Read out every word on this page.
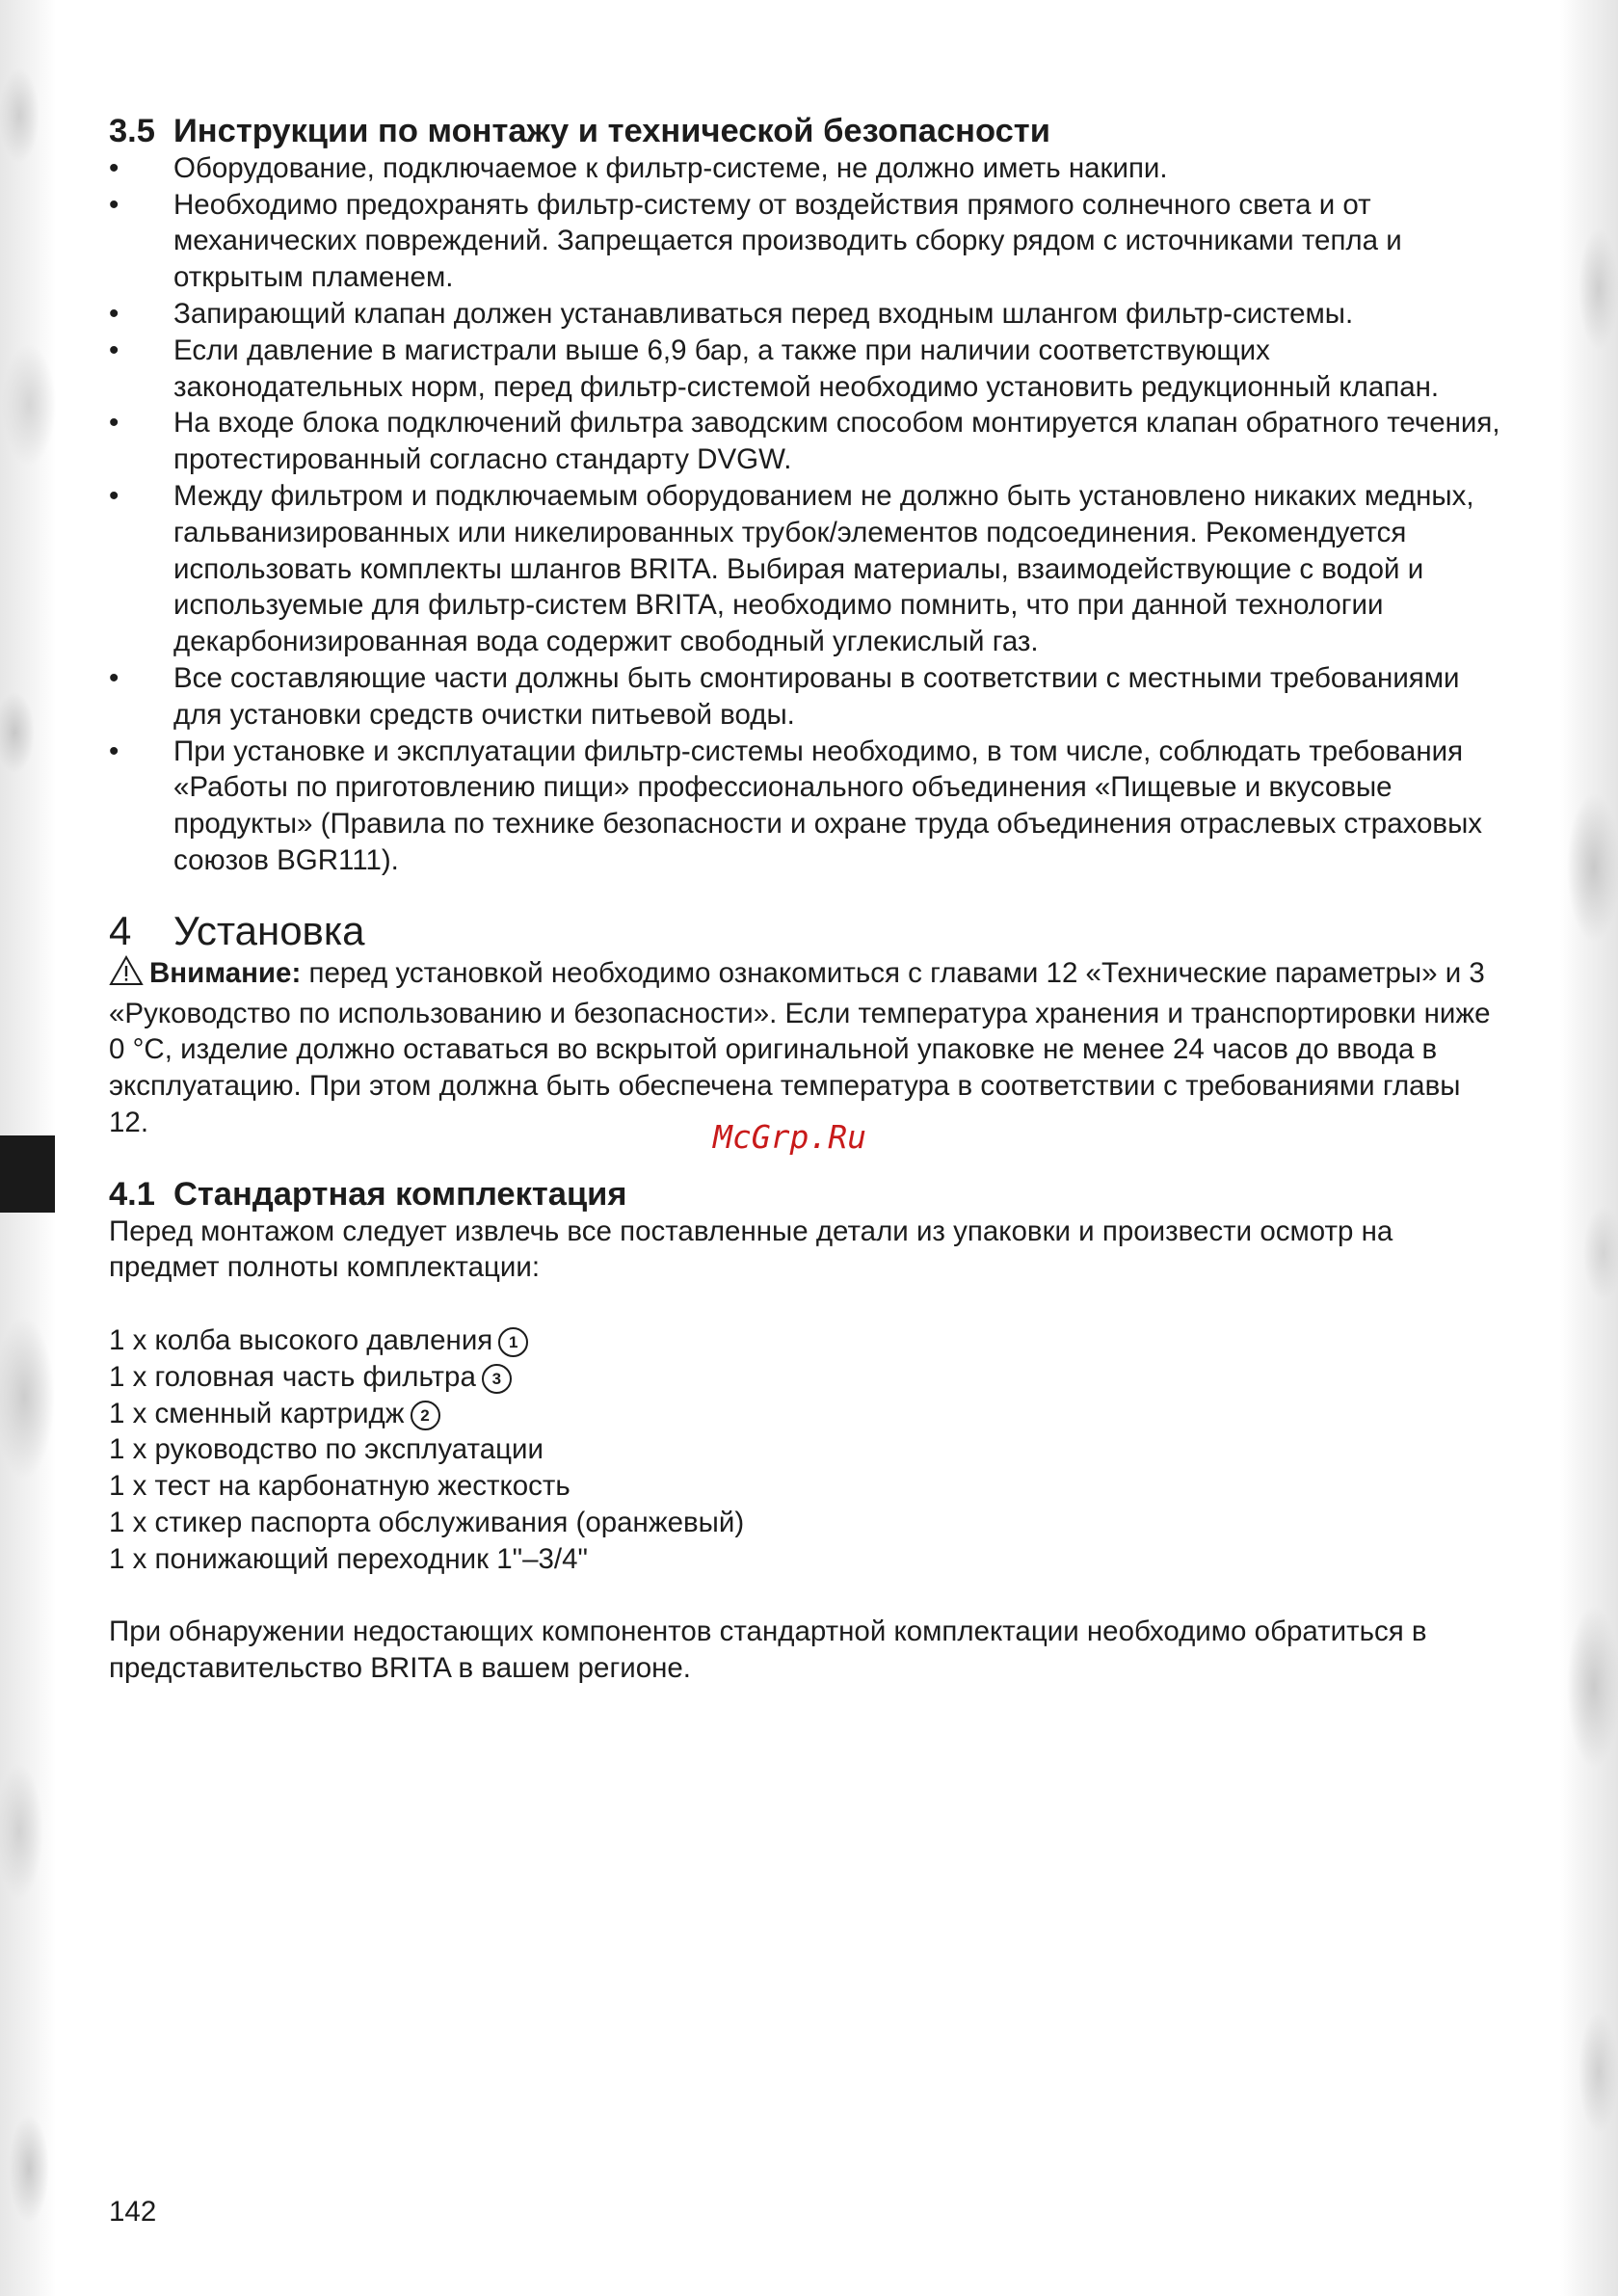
3.5 Инструкции по монтажу и технической безопасности
•	Оборудование, подключаемое к фильтр-системе, не должно иметь накипи.
•	Необходимо предохранять фильтр-систему от воздействия прямого солнечного света и от механических повреждений. Запрещается производить сборку рядом с источниками тепла и открытым пламенем.
•	Запирающий клапан должен устанавливаться перед входным шлангом фильтр-системы.
•	Если давление в магистрали выше 6,9 бар, а также при наличии соответствующих законодательных норм, перед фильтр-системой необходимо установить редукционный клапан.
•	На входе блока подключений фильтра заводским способом монтируется клапан обратного течения, протестированный согласно стандарту DVGW.
•	Между фильтром и подключаемым оборудованием не должно быть установлено никаких медных, гальванизированных или никелированных трубок/элементов подсоединения. Рекомендуется использовать комплекты шлангов BRITA. Выбирая материалы, взаимодействующие с водой и используемые для фильтр-систем BRITA, необходимо помнить, что при данной технологии декарбонизированная вода содержит свободный углекислый газ.
•	Все составляющие части должны быть смонтированы в соответствии с местными требованиями для установки средств очистки питьевой воды.
•	При установке и эксплуатации фильтр-системы необходимо, в том числе, соблюдать требования «Работы по приготовлению пищи» профессионального объединения «Пищевые и вкусовые продукты» (Правила по технике безопасности и охране труда объединения отраслевых страховых союзов BGR111).
4	Установка

Внимание: перед установкой необходимо ознакомиться с главами 12 «Технические параметры» и 3 «Руководство по использованию и безопасности». Если температура хранения и транспортировки ниже 0 °C, изделие должно оставаться во вскрытой оригинальной упаковке не менее 24 часов до ввода в эксплуатацию. При этом должна быть обеспечена температура в соответствии с требованиями главы 12.

4.1 Стандартная комплектация

Перед монтажом следует извлечь все поставленные детали из упаковки и произвести осмотр на предмет полноты комплектации:

1 x колба высокого давления 1
1 x головная часть фильтра 3
1 x сменный картридж 2
1 x руководство по эксплуатации
1 x тест на карбонатную жесткость
1 x стикер паспорта обслуживания (оранжевый)
1 x понижающий переходник 1"–3/4"

При обнаружении недостающих компонентов стандартной комплектации необходимо обратиться в представительство BRITA в вашем регионе.

McGrp.Ru
142
